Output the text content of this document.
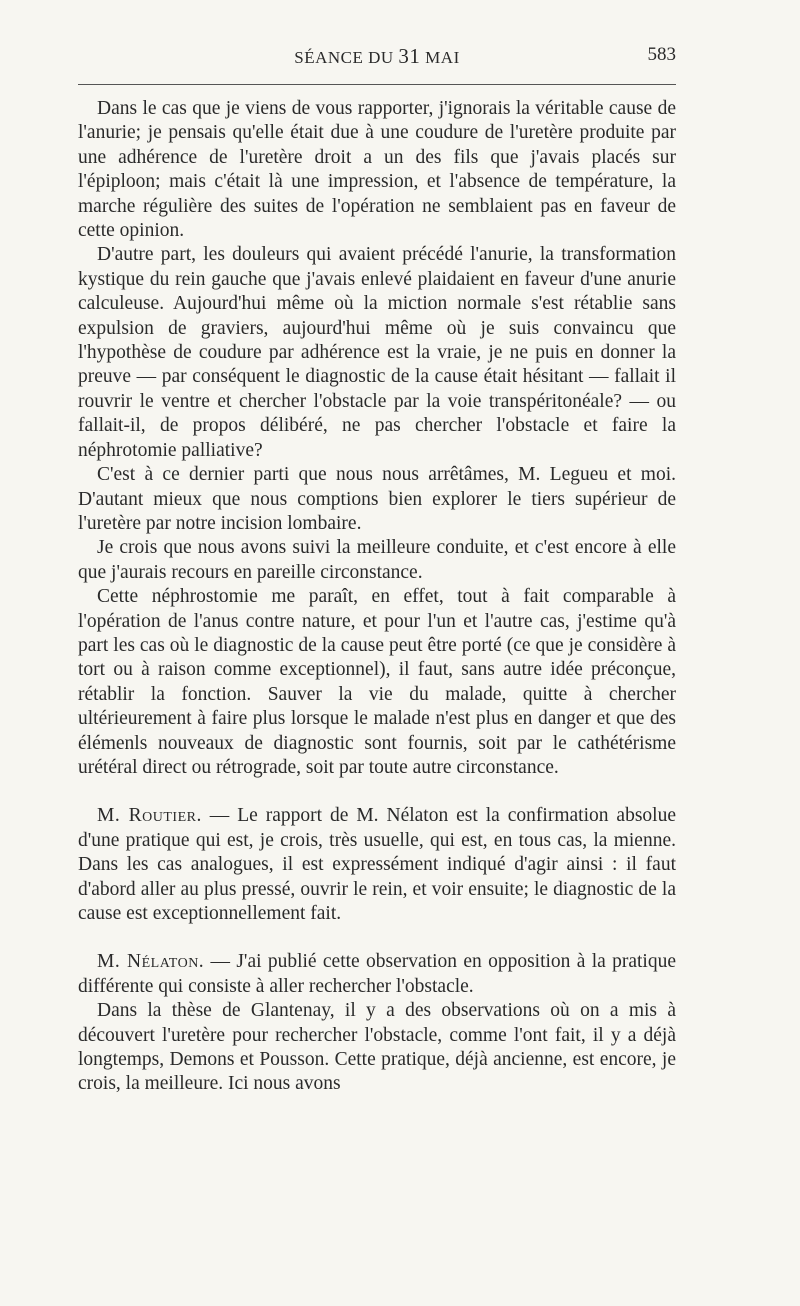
SÉANCE DU 31 MAI	583

Dans le cas que je viens de vous rapporter, j'ignorais la véritable cause de l'anurie; je pensais qu'elle était due à une coudure de l'uretère produite par une adhérence de l'uretère droit a un des fils que j'avais placés sur l'épiploon; mais c'était là une impression, et l'absence de température, la marche régulière des suites de l'opération ne semblaient pas en faveur de cette opinion.

D'autre part, les douleurs qui avaient précédé l'anurie, la transformation kystique du rein gauche que j'avais enlevé plaidaient en faveur d'une anurie calculeuse. Aujourd'hui même où la miction normale s'est rétablie sans expulsion de graviers, aujourd'hui même où je suis convaincu que l'hypothèse de coudure par adhérence est la vraie, je ne puis en donner la preuve — par conséquent le diagnostic de la cause était hésitant — fallait il rouvrir le ventre et chercher l'obstacle par la voie transpéritonéale? — ou fallait-il, de propos délibéré, ne pas chercher l'obstacle et faire la néphrotomie palliative?

C'est à ce dernier parti que nous nous arrêtâmes, M. Legueu et moi. D'autant mieux que nous comptions bien explorer le tiers supérieur de l'uretère par notre incision lombaire.

Je crois que nous avons suivi la meilleure conduite, et c'est encore à elle que j'aurais recours en pareille circonstance.

Cette néphrostomie me paraît, en effet, tout à fait comparable à l'opération de l'anus contre nature, et pour l'un et l'autre cas, j'estime qu'à part les cas où le diagnostic de la cause peut être porté (ce que je considère à tort ou à raison comme exceptionnel), il faut, sans autre idée préconçue, rétablir la fonction. Sauver la vie du malade, quitte à chercher ultérieurement à faire plus lorsque le malade n'est plus en danger et que des élémenls nouveaux de diagnostic sont fournis, soit par le cathétérisme urétéral direct ou rétrograde, soit par toute autre circonstance.

M. Routier. — Le rapport de M. Nélaton est la confirmation absolue d'une pratique qui est, je crois, très usuelle, qui est, en tous cas, la mienne. Dans les cas analogues, il est expressément indiqué d'agir ainsi : il faut d'abord aller au plus pressé, ouvrir le rein, et voir ensuite; le diagnostic de la cause est exceptionnellement fait.

M. Nélaton. — J'ai publié cette observation en opposition à la pratique différente qui consiste à aller rechercher l'obstacle.

Dans la thèse de Glantenay, il y a des observations où on a mis à découvert l'uretère pour rechercher l'obstacle, comme l'ont fait, il y a déjà longtemps, Demons et Pousson. Cette pratique, déjà ancienne, est encore, je crois, la meilleure. Ici nous avons
